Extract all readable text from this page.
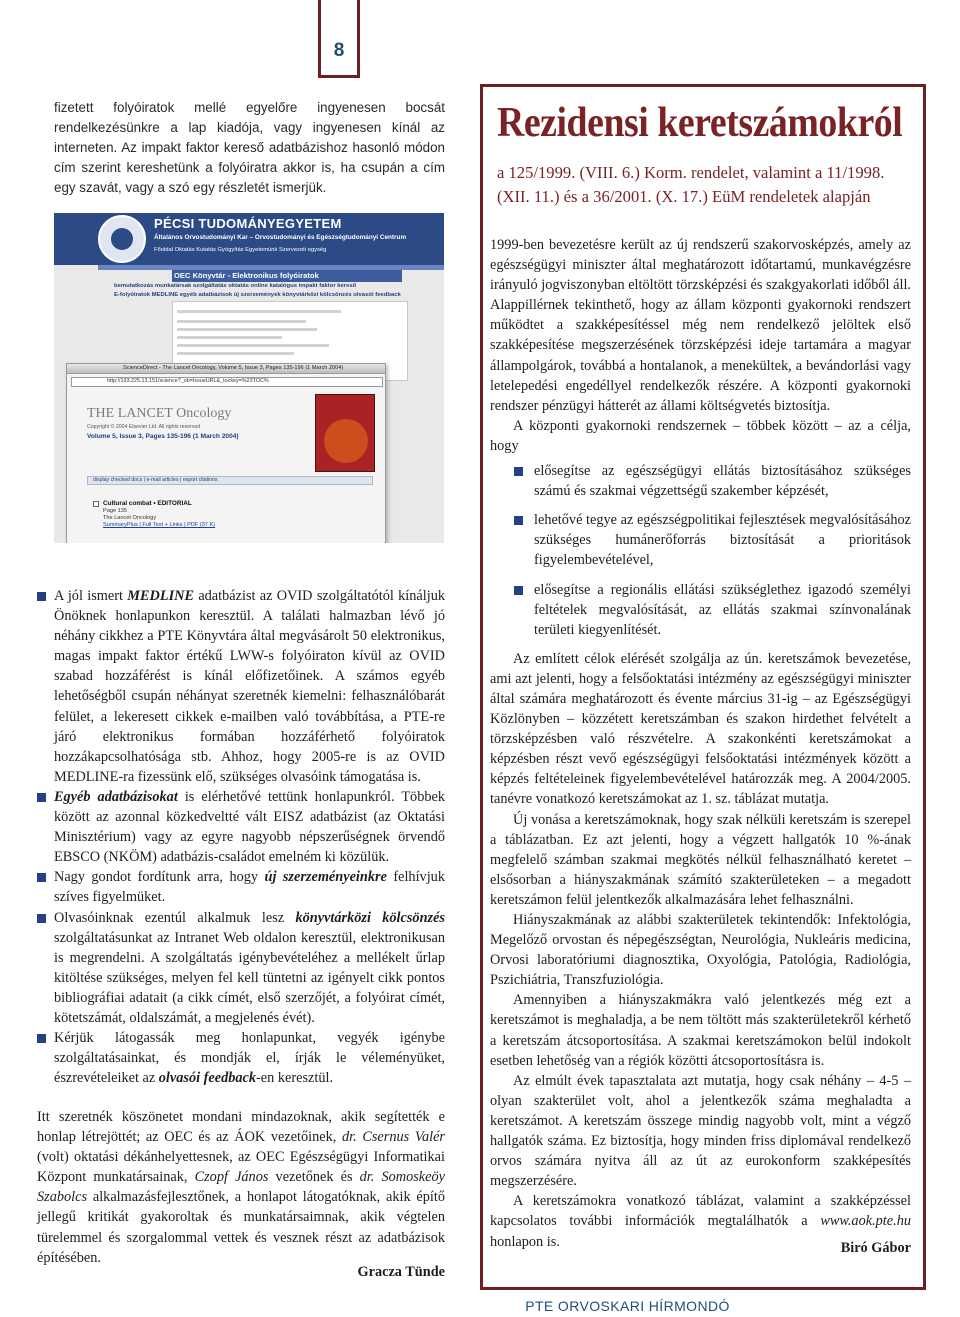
8

fizetett folyóiratok mellé egyelőre ingyenesen bocsát rendelkezésünkre a lap kiadója, vagy ingyenesen kínál az interneten. Az impakt faktor kereső adatbázishoz hasonló módon cím szerint kereshetünk a folyóiratra akkor is, ha csupán a cím egy szavát, vagy a szó egy részletét ismerjük.

PÉCSI TUDOMÁNYEGYETEM
Általános Orvostudományi Kar – Orvostudományi és Egészségtudományi Centrum
Főoldal Oktatás Kutatás Gyógyítás Egyetemünk Szervezeti egység
OEC Könyvtár - Elektronikus folyóiratok
bemutatkozás munkatársak szolgáltatás oktatás online katalógus impakt faktor kereső
E-folyóiratok MEDLINE egyéb adatbázisok új szerzemények könyvtárközi kölcsönzés olvasói feedback
ScienceDirect - The Lancet Oncology, Volume 5, Issue 3, Pages 135-196 (1 March 2004)
http://193.225.13.151/science?_ob=IssueURL&_tockey=%23TOC%
THE LANCET Oncology
Copyright © 2004 Elsevier Ltd. All rights reserved
Volume 5, Issue 3, Pages 135-196 (1 March 2004)
display checked docs | e-mail articles | export citations
Cultural combat • EDITORIAL
Page 135
The Lancet Oncology
SummaryPlus | Full Text + Links | PDF (37 K)
A jól ismert MEDLINE adatbázist az OVID szolgáltatótól kínáljuk Önöknek honlapunkon keresztül. A találati halmazban lévő jó néhány cikkhez a PTE Könyvtára által megvásárolt 50 elektronikus, magas impakt faktor értékű LWW-s folyóiraton kívül az OVID szabad hozzáférést is kínál előfizetőinek. A számos egyéb lehetőségből csupán néhányat szeretnék kiemelni: felhasználóbarát felület, a lekeresett cikkek e-mailben való továbbítása, a PTE-re járó elektronikus formában hozzáférhető folyóiratok hozzákapcsolhatósága stb. Ahhoz, hogy 2005-re is az OVID MEDLINE-ra fizessünk elő, szükséges olvasóink támogatása is.
Egyéb adatbázisokat is elérhetővé tettünk honlapunkról. Többek között az azonnal közkedveltté vált EISZ adatbázist (az Oktatási Minisztérium) vagy az egyre nagyobb népszerűségnek örvendő EBSCO (NKÖM) adatbázis-családot emelném ki közülük.
Nagy gondot fordítunk arra, hogy új szerzeményeinkre felhívjuk szíves figyelmüket.
Olvasóinknak ezentúl alkalmuk lesz könyvtárközi kölcsönzés szolgáltatásunkat az Intranet Web oldalon keresztül, elektronikusan is megrendelni. A szolgáltatás igénybevételéhez a mellékelt űrlap kitöltése szükséges, melyen fel kell tüntetni az igényelt cikk pontos bibliográfiai adatait (a cikk címét, első szerzőjét, a folyóirat címét, kötetszámát, oldalszámát, a megjelenés évét).
Kérjük látogassák meg honlapunkat, vegyék igénybe szolgáltatásainkat, és mondják el, írják le véleményüket, észrevételeiket az olvasói feedback-en keresztül.

Itt szeretnék köszönetet mondani mindazoknak, akik segítették e honlap létrejöttét; az OEC és az ÁOK vezetőinek, dr. Csernus Valér (volt) oktatási dékánhelyettesnek, az OEC Egészségügyi Informatikai Központ munkatársainak, Czopf János vezetőnek és dr. Somoskeöy Szabolcs alkalmazásfejlesztőnek, a honlapot látogatóknak, akik építő jellegű kritikát gyakoroltak és munkatársaimnak, akik végtelen türelemmel és szorgalommal vettek és vesznek részt az adatbázisok építésében.

Gracza Tünde
Rezidensi keretszámokról
a 125/1999. (VIII. 6.) Korm. rendelet, valamint a 11/1998. (XII. 11.) és a 36/2001. (X. 17.) EüM rendeletek alapján

1999-ben bevezetésre került az új rendszerű szakorvosképzés, amely az egészségügyi miniszter által meghatározott időtartamú, munkavégzésre irányuló jogviszonyban eltöltött törzsképzési és szakgyakorlati időből áll. Alappillérnek tekinthető, hogy az állam központi gyakornoki rendszert működtet a szakképesítéssel még nem rendelkező jelöltek első szakképesítése megszerzésének törzsképzési ideje tartamára a magyar állampolgárok, továbbá a hontalanok, a menekültek, a bevándorlási vagy letelepedési engedéllyel rendelkezők részére. A központi gyakornoki rendszer pénzügyi hátterét az állami költségvetés biztosítja.

A központi gyakornoki rendszernek – többek között – az a célja, hogy

elősegítse az egészségügyi ellátás biztosításához szükséges számú és szakmai végzettségű szakember képzését,
lehetővé tegye az egészségpolitikai fejlesztések megvalósításához szükséges humánerőforrás biztosítását a prioritások figyelembevételével,
elősegítse a regionális ellátási szükséglethez igazodó személyi feltételek megvalósítását, az ellátás szakmai színvonalának területi kiegyenlítését.

Az említett célok elérését szolgálja az ún. keretszámok bevezetése, ami azt jelenti, hogy a felsőoktatási intézmény az egészségügyi miniszter által számára meghatározott és évente március 31-ig – az Egészségügyi Közlönyben – közzétett keretszámban és szakon hirdethet felvételt a törzsképzésben való részvételre. A szakonkénti keretszámokat a képzésben részt vevő egészségügyi felsőoktatási intézmények között a képzés feltételeinek figyelembevételével határozzák meg. A 2004/2005. tanévre vonatkozó keretszámokat az 1. sz. táblázat mutatja.

Új vonása a keretszámoknak, hogy szak nélküli keretszám is szerepel a táblázatban. Ez azt jelenti, hogy a végzett hallgatók 10 %-ának megfelelő számban szakmai megkötés nélkül felhasználható keretet – elsősorban a hiányszakmának számító szakterületeken – a megadott keretszámon felül jelentkezők alkalmazására lehet felhasználni.

Hiányszakmának az alábbi szakterületek tekintendők: Infektológia, Megelőző orvostan és népegészségtan, Neurológia, Nukleáris medicina, Orvosi laboratóriumi diagnosztika, Oxyológia, Patológia, Radiológia, Pszichiátria, Transzfuziológia.

Amennyiben a hiányszakmákra való jelentkezés még ezt a keretszámot is meghaladja, a be nem töltött más szakterületekről kérhető a keretszám átcsoportosítása. A szakmai keretszámokon belül indokolt esetben lehetőség van a régiók közötti átcsoportosításra is.

Az elmúlt évek tapasztalata azt mutatja, hogy csak néhány – 4-5 – olyan szakterület volt, ahol a jelentkezők száma meghaladta a keretszámot. A keretszám összege mindig nagyobb volt, mint a végző hallgatók száma. Ez biztosítja, hogy minden friss diplomával rendelkező orvos számára nyitva áll az út az eurokonform szakképesítés megszerzésére.

A keretszámokra vonatkozó táblázat, valamint a szakképzéssel kapcsolatos további információk megtalálhatók a www.aok.pte.hu honlapon is.	Biró Gábor
PTE ORVOSKARI HÍRMONDÓ
